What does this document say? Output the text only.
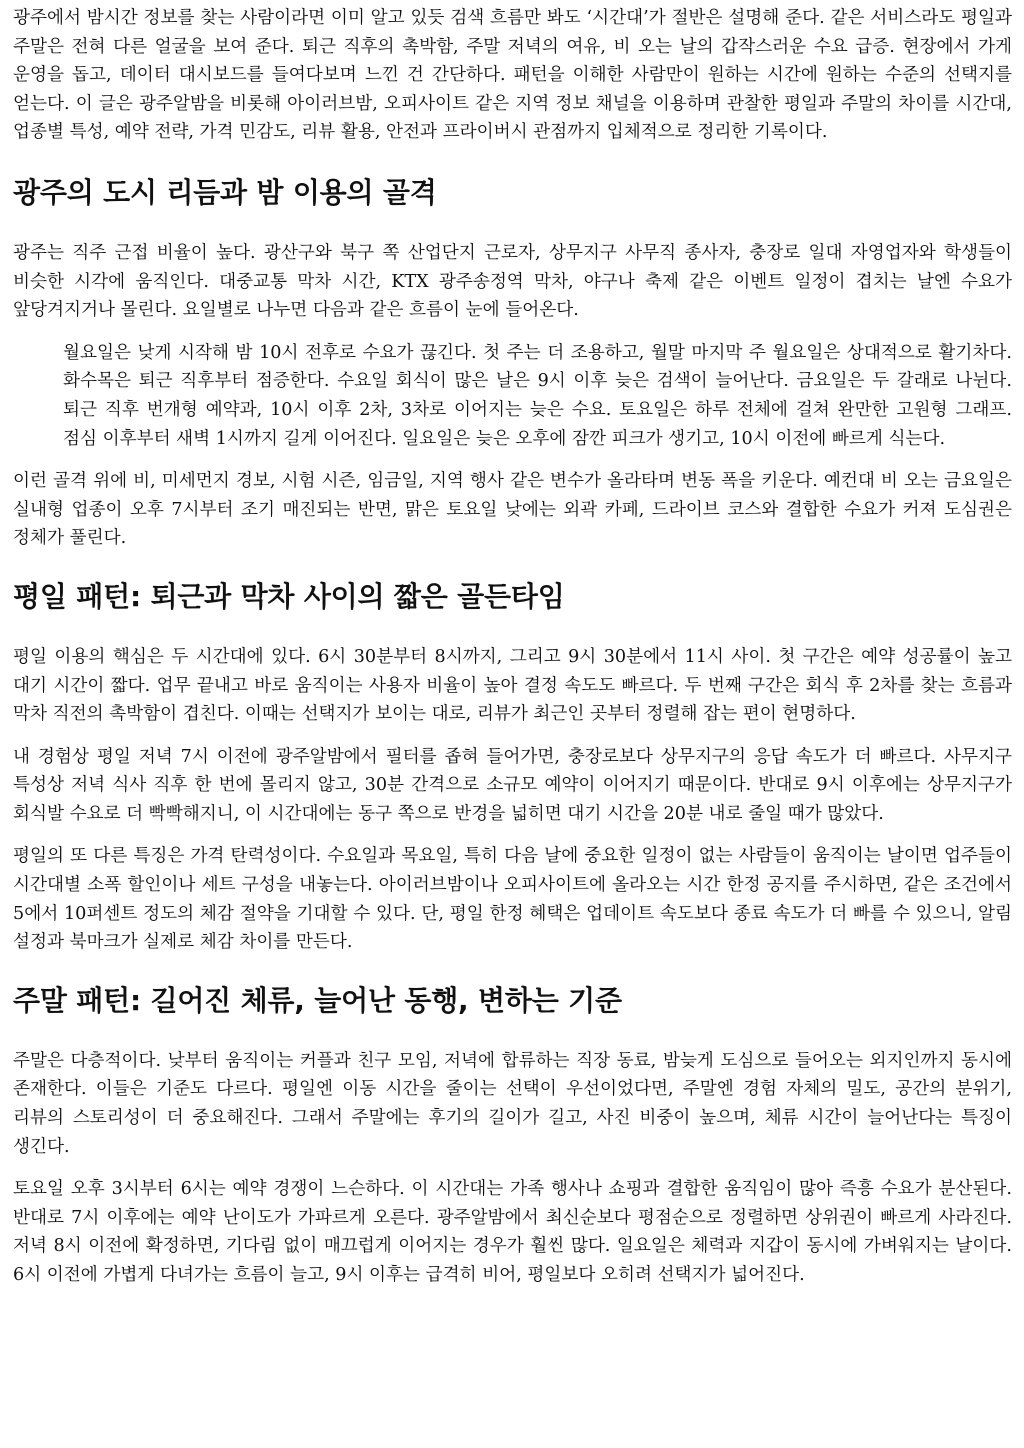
광주에서 밤시간 정보를 찾는 사람이라면 이미 알고 있듯 검색 흐름만 봐도 ‘시간대’가 절반은 설명해 준다. 같은 서비스라도 평일과 주말은 전혀 다른 얼굴을 보여 준다. 퇴근 직후의 촉박함, 주말 저녁의 여유, 비 오는 날의 갑작스러운 수요 급증. 현장에서 가게 운영을 돕고, 데이터 대시보드를 들여다보며 느낀 건 간단하다. 패턴을 이해한 사람만이 원하는 시간에 원하는 수준의 선택지를 얻는다. 이 글은 광주알밤을 비롯해 아이러브밤, 오피사이트 같은 지역 정보 채널을 이용하며 관찰한 평일과 주말의 차이를 시간대, 업종별 특성, 예약 전략, 가격 민감도, 리뷰 활용, 안전과 프라이버시 관점까지 입체적으로 정리한 기록이다.

광주의 도시 리듬과 밤 이용의 골격

광주는 직주 근접 비율이 높다. 광산구와 북구 쪽 산업단지 근로자, 상무지구 사무직 종사자, 충장로 일대 자영업자와 학생들이 비슷한 시각에 움직인다. 대중교통 막차 시간, KTX 광주송정역 막차, 야구나 축제 같은 이벤트 일정이 겹치는 날엔 수요가 앞당겨지거나 몰린다. 요일별로 나누면 다음과 같은 흐름이 눈에 들어온다.

월요일은 낮게 시작해 밤 10시 전후로 수요가 끊긴다. 첫 주는 더 조용하고, 월말 마지막 주 월요일은 상대적으로 활기차다. 화수목은 퇴근 직후부터 점증한다. 수요일 회식이 많은 날은 9시 이후 늦은 검색이 늘어난다. 금요일은 두 갈래로 나뉜다. 퇴근 직후 번개형 예약과, 10시 이후 2차, 3차로 이어지는 늦은 수요. 토요일은 하루 전체에 걸쳐 완만한 고원형 그래프. 점심 이후부터 새벽 1시까지 길게 이어진다. 일요일은 늦은 오후에 잠깐 피크가 생기고, 10시 이전에 빠르게 식는다.

이런 골격 위에 비, 미세먼지 경보, 시험 시즌, 임금일, 지역 행사 같은 변수가 올라타며 변동 폭을 키운다. 예컨대 비 오는 금요일은 실내형 업종이 오후 7시부터 조기 매진되는 반면, 맑은 토요일 낮에는 외곽 카페, 드라이브 코스와 결합한 수요가 커져 도심권은 정체가 풀린다.

평일 패턴: 퇴근과 막차 사이의 짧은 골든타임

평일 이용의 핵심은 두 시간대에 있다. 6시 30분부터 8시까지, 그리고 9시 30분에서 11시 사이. 첫 구간은 예약 성공률이 높고 대기 시간이 짧다. 업무 끝내고 바로 움직이는 사용자 비율이 높아 결정 속도도 빠르다. 두 번째 구간은 회식 후 2차를 찾는 흐름과 막차 직전의 촉박함이 겹친다. 이때는 선택지가 보이는 대로, 리뷰가 최근인 곳부터 정렬해 잡는 편이 현명하다.

내 경험상 평일 저녁 7시 이전에 광주알밤에서 필터를 좁혀 들어가면, 충장로보다 상무지구의 응답 속도가 더 빠르다. 사무지구 특성상 저녁 식사 직후 한 번에 몰리지 않고, 30분 간격으로 소규모 예약이 이어지기 때문이다. 반대로 9시 이후에는 상무지구가 회식발 수요로 더 빡빡해지니, 이 시간대에는 동구 쪽으로 반경을 넓히면 대기 시간을 20분 내로 줄일 때가 많았다.

평일의 또 다른 특징은 가격 탄력성이다. 수요일과 목요일, 특히 다음 날에 중요한 일정이 없는 사람들이 움직이는 날이면 업주들이 시간대별 소폭 할인이나 세트 구성을 내놓는다. 아이러브밤이나 오피사이트에 올라오는 시간 한정 공지를 주시하면, 같은 조건에서 5에서 10퍼센트 정도의 체감 절약을 기대할 수 있다. 단, 평일 한정 혜택은 업데이트 속도보다 종료 속도가 더 빠를 수 있으니, 알림 설정과 북마크가 실제로 체감 차이를 만든다.

주말 패턴: 길어진 체류, 늘어난 동행, 변하는 기준

주말은 다층적이다. 낮부터 움직이는 커플과 친구 모임, 저녁에 합류하는 직장 동료, 밤늦게 도심으로 들어오는 외지인까지 동시에 존재한다. 이들은 기준도 다르다. 평일엔 이동 시간을 줄이는 선택이 우선이었다면, 주말엔 경험 자체의 밀도, 공간의 분위기, 리뷰의 스토리성이 더 중요해진다. 그래서 주말에는 후기의 길이가 길고, 사진 비중이 높으며, 체류 시간이 늘어난다는 특징이 생긴다.

토요일 오후 3시부터 6시는 예약 경쟁이 느슨하다. 이 시간대는 가족 행사나 쇼핑과 결합한 움직임이 많아 즉흥 수요가 분산된다. 반대로 7시 이후에는 예약 난이도가 가파르게 오른다. 광주알밤에서 최신순보다 평점순으로 정렬하면 상위권이 빠르게 사라진다. 저녁 8시 이전에 확정하면, 기다림 없이 매끄럽게 이어지는 경우가 훨씬 많다. 일요일은 체력과 지갑이 동시에 가벼워지는 날이다. 6시 이전에 가볍게 다녀가는 흐름이 늘고, 9시 이후는 급격히 비어, 평일보다 오히려 선택지가 넓어진다.
